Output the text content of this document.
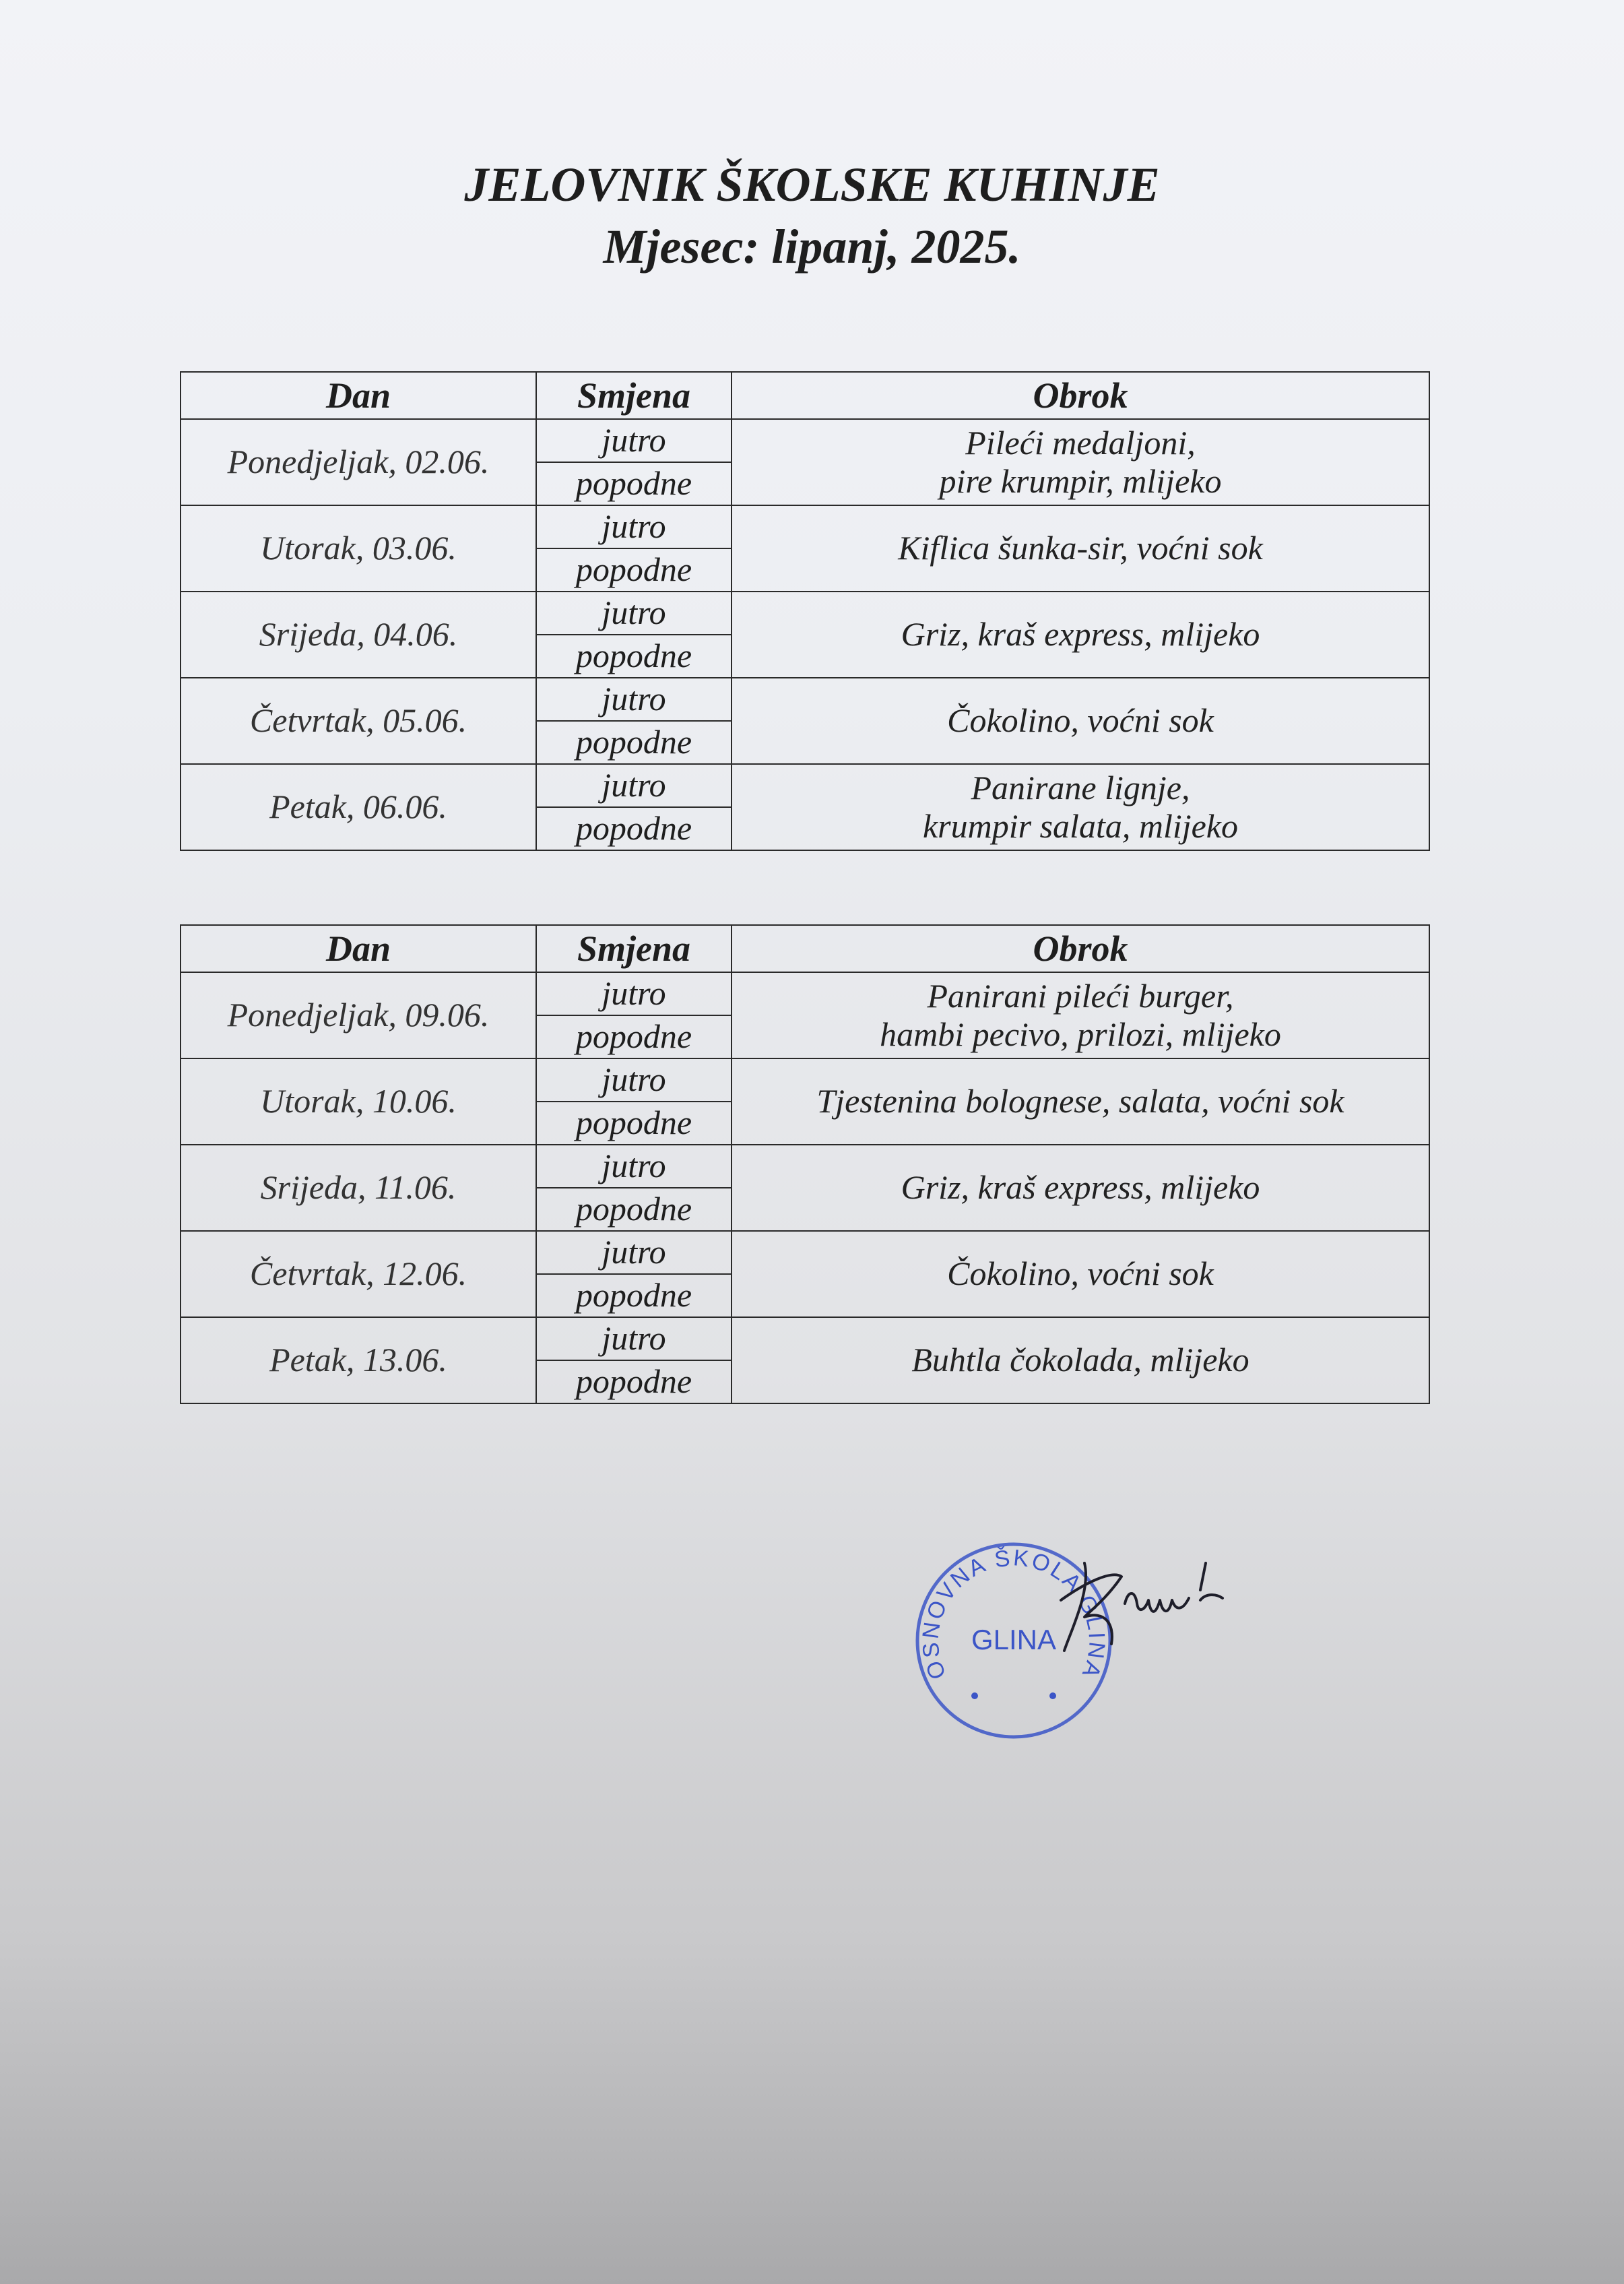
JELOVNIK ŠKOLSKE KUHINJE
Mjesec: lipanj, 2025.
Dan	Smjena	Obrok
Ponedjeljak, 02.06.	jutro	Pileći medaljoni,
pire krumpir, mlijeko

	popodne	
Utorak, 03.06.	jutro	Kiflica šunka-sir, voćni sok

	popodne	
Srijeda, 04.06.	jutro	Griz, kraš express, mlijeko

	popodne	
Četvrtak, 05.06.	jutro	Čokolino, voćni sok

	popodne	
Petak, 06.06.	jutro	Panirane lignje,
krumpir salata, mlijeko

	popodne	
Dan	Smjena	Obrok
Ponedjeljak, 09.06.	jutro	Panirani pileći burger,
hambi pecivo, prilozi, mlijeko

	popodne	
Utorak, 10.06.	jutro	Tjestenina bolognese, salata, voćni sok

	popodne	
Srijeda, 11.06.	jutro	Griz, kraš express, mlijeko

	popodne	
Četvrtak, 12.06.	jutro	Čokolino, voćni sok

	popodne	
Petak, 13.06.	jutro	Buhtla čokolada, mlijeko

	popodne	
OSNOVNA ŠKOLA GLINA
GLINA
